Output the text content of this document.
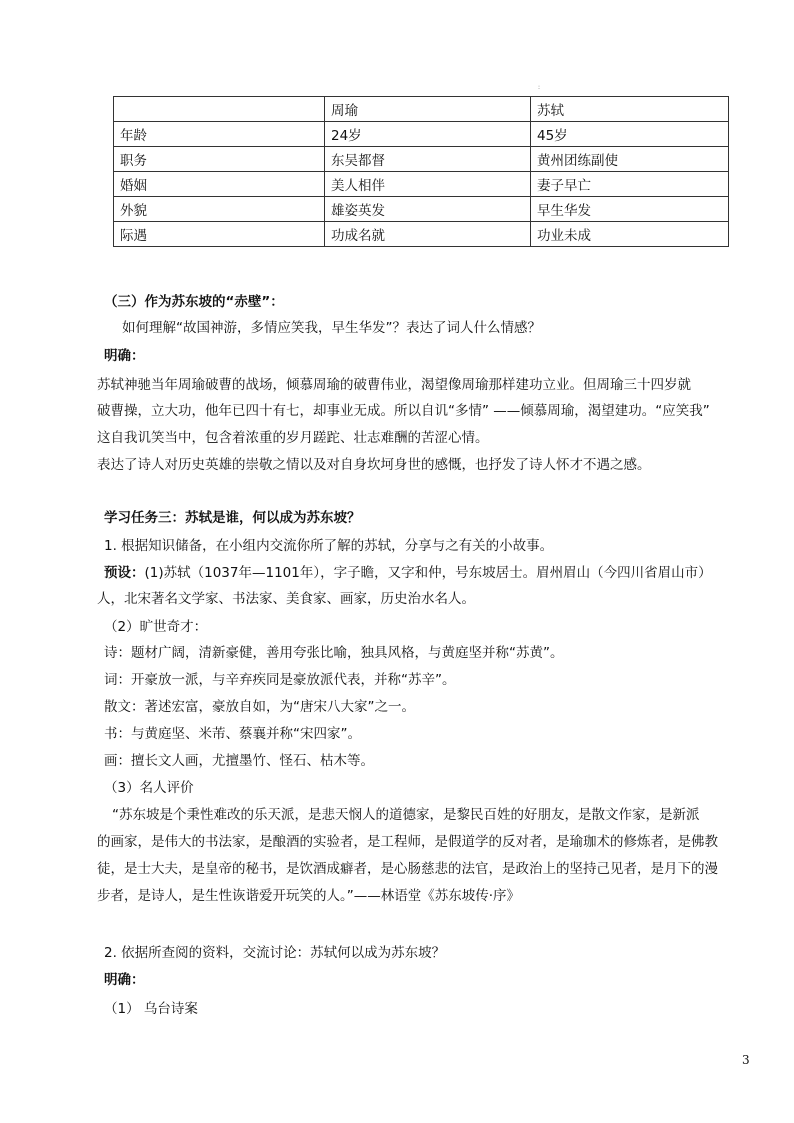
:
	周瑜	苏轼
年龄	24岁	45岁
职务	东吴都督	黄州团练副使
婚姻	美人相伴	妻子早亡
外貌	雄姿英发	早生华发
际遇	功成名就	功业未成
（三）作为苏东坡的“赤壁”：
如何理解“故国神游，多情应笑我，早生华发”？表达了词人什么情感？
明确：
苏轼神驰当年周瑜破曹的战场，倾慕周瑜的破曹伟业，渴望像周瑜那样建功立业。但周瑜三十四岁就
破曹操，立大功，他年已四十有七，却事业无成。所以自讥“多情” ——倾慕周瑜，渴望建功。“应笑我”
这自我讥笑当中，包含着浓重的岁月蹉跎、壮志难酬的苦涩心情。
表达了诗人对历史英雄的崇敬之情以及对自身坎坷身世的感慨，也抒发了诗人怀才不遇之感。
学习任务三：苏轼是谁，何以成为苏东坡？
1. 根据知识储备，在小组内交流你所了解的苏轼，分享与之有关的小故事。
预设：(1)苏轼（1037年—1101年），字子瞻，又字和仲，号东坡居士。眉州眉山（今四川省眉山市）
人，北宋著名文学家、书法家、美食家、画家，历史治水名人。
（2）旷世奇才：
诗：题材广阔，清新豪健，善用夸张比喻，独具风格，与黄庭坚并称“苏黄”。
词：开豪放一派，与辛弃疾同是豪放派代表，并称“苏辛”。
散文：著述宏富，豪放自如，为“唐宋八大家”之一。
书：与黄庭坚、米芾、蔡襄并称“宋四家”。
画：擅长文人画，尤擅墨竹、怪石、枯木等。
（3）名人评价
“苏东坡是个秉性难改的乐天派，是悲天悯人的道德家，是黎民百姓的好朋友，是散文作家，是新派
的画家，是伟大的书法家，是酿酒的实验者，是工程师，是假道学的反对者，是瑜珈术的修炼者，是佛教
徒，是士大夫，是皇帝的秘书，是饮酒成癖者，是心肠慈悲的法官，是政治上的坚持己见者，是月下的漫
步者，是诗人，是生性诙谐爱开玩笑的人。”——林语堂《苏东坡传·序》
2. 依据所查阅的资料，交流讨论：苏轼何以成为苏东坡？
明确：
（1） 乌台诗案
3
